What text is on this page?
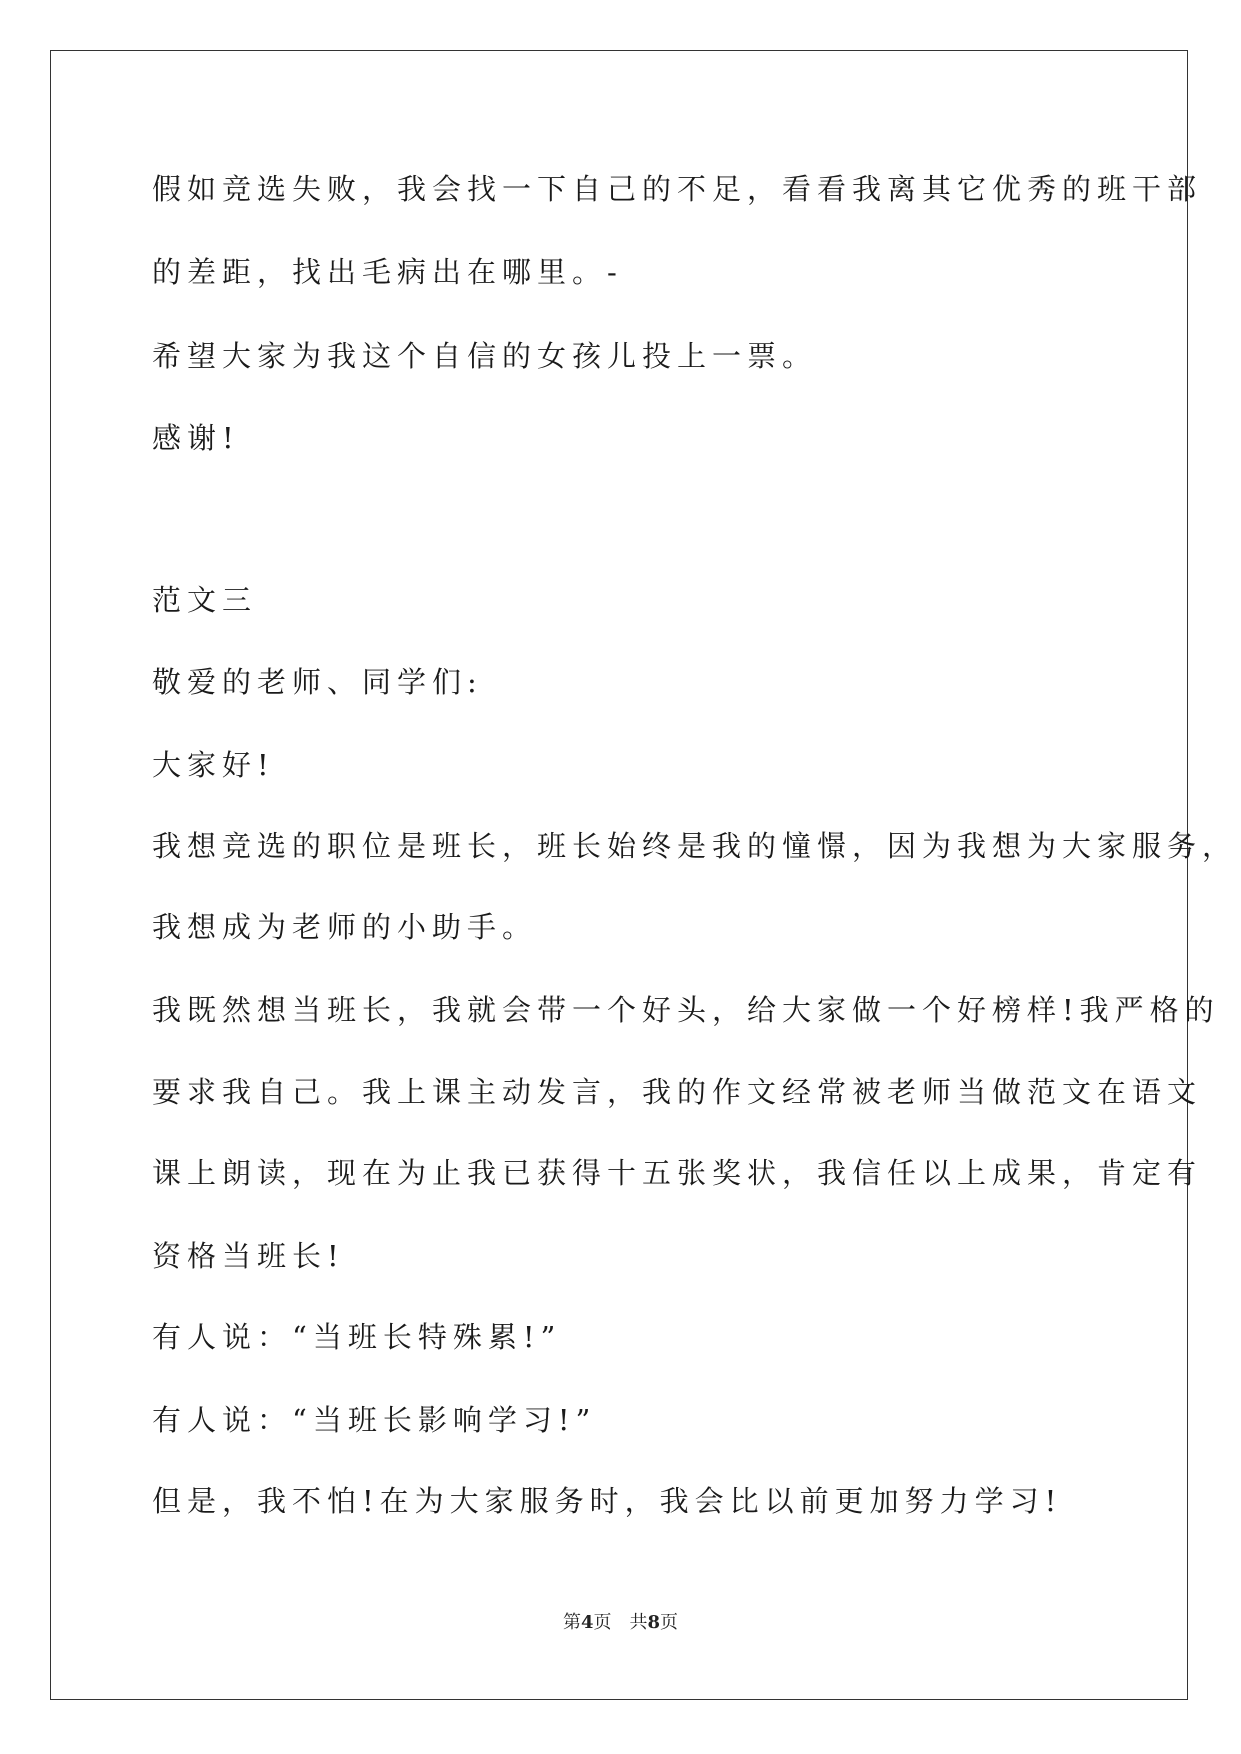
假如竞选失败，我会找一下自己的不足，看看我离其它优秀的班干部
的差距，找出毛病出在哪里。-
希望大家为我这个自信的女孩儿投上一票。
感谢!
范文三
敬爱的老师、同学们:
大家好!
我想竞选的职位是班长，班长始终是我的憧憬，因为我想为大家服务，
我想成为老师的小助手。
我既然想当班长，我就会带一个好头，给大家做一个好榜样!我严格的
要求我自己。我上课主动发言，我的作文经常被老师当做范文在语文
课上朗读，现在为止我已获得十五张奖状，我信任以上成果，肯定有
资格当班长!
有人说：“当班长特殊累!”
有人说：“当班长影响学习!”
但是，我不怕!在为大家服务时，我会比以前更加努力学习!
第4页 共8页
